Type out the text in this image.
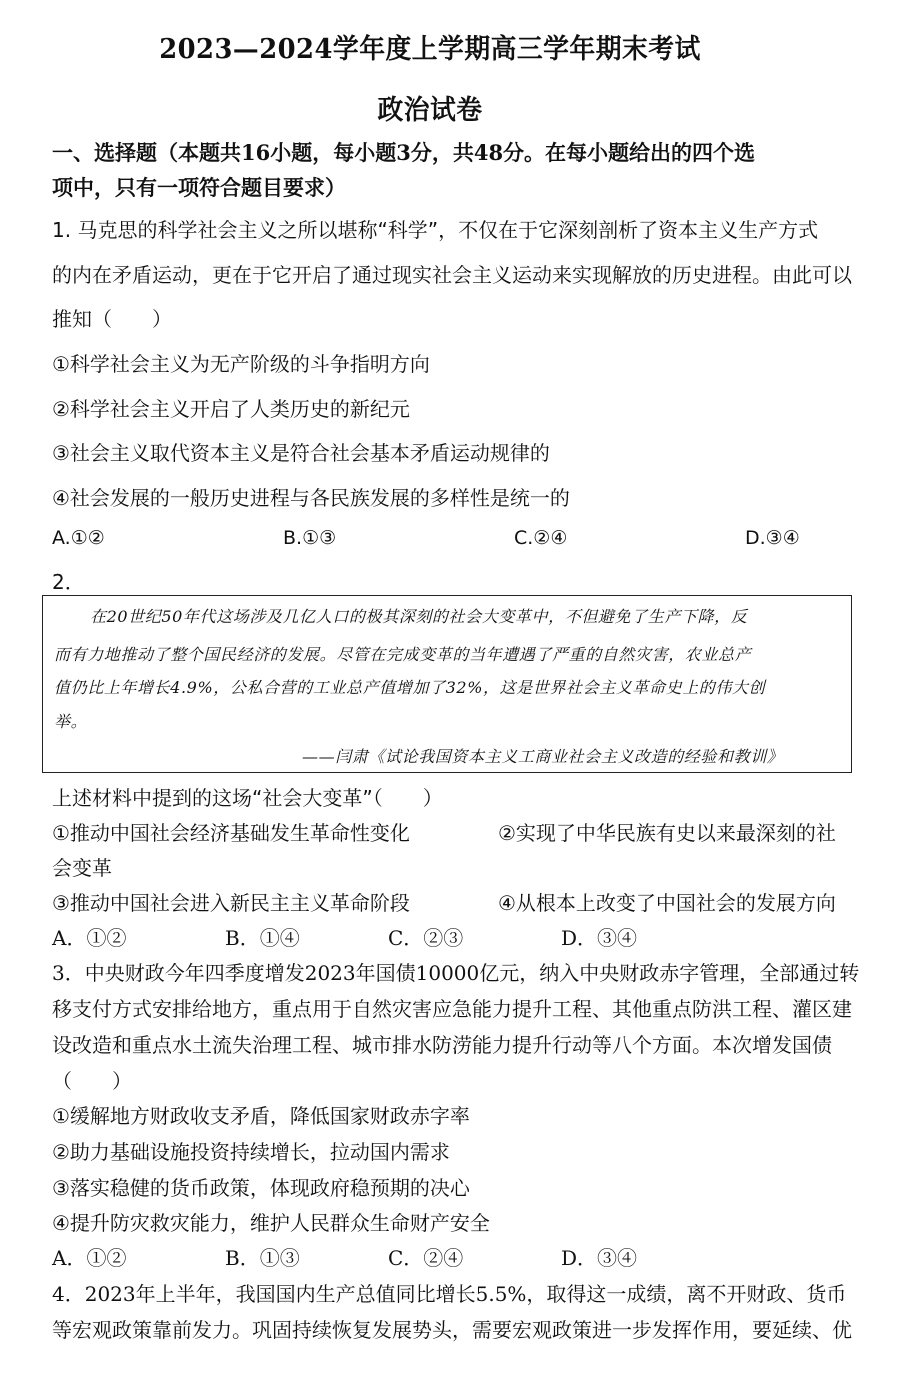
2023—2024学年度上学期高三学年期末考试
政治试卷
一、选择题（本题共16小题，每小题3分，共48分。在每小题给出的四个选
项中，只有一项符合题目要求）
1. 马克思的科学社会主义之所以堪称“科学”，不仅在于它深刻剖析了资本主义生产方式
的内在矛盾运动，更在于它开启了通过现实社会主义运动来实现解放的历史进程。由此可以
推知（　　）
①科学社会主义为无产阶级的斗争指明方向
②科学社会主义开启了人类历史的新纪元
③社会主义取代资本主义是符合社会基本矛盾运动规律的
④社会发展的一般历史进程与各民族发展的多样性是统一的
A.①②	B.①③	C.②④	D.③④
2．
在20世纪50年代这场涉及几亿人口的极其深刻的社会大变革中，不但避免了生产下降，反
而有力地推动了整个国民经济的发展。尽管在完成变革的当年遭遇了严重的自然灾害，农业总产
值仍比上年增长4.9%，公私合营的工业总产值增加了32%，这是世界社会主义革命史上的伟大创
举。
——闫肃《试论我国资本主义工商业社会主义改造的经验和教训》
上述材料中提到的这场“社会大变革”（　　）
①推动中国社会经济基础发生革命性变化	②实现了中华民族有史以来最深刻的社
会变革
③推动中国社会进入新民主主义革命阶段	④从根本上改变了中国社会的发展方向
A．①②	B．①④	C．②③	D．③④
3．中央财政今年四季度增发2023年国债10000亿元，纳入中央财政赤字管理，全部通过转
移支付方式安排给地方，重点用于自然灾害应急能力提升工程、其他重点防洪工程、灌区建
设改造和重点水土流失治理工程、城市排水防涝能力提升行动等八个方面。本次增发国债
（　　）
①缓解地方财政收支矛盾，降低国家财政赤字率
②助力基础设施投资持续增长，拉动国内需求
③落实稳健的货币政策，体现政府稳预期的决心
④提升防灾救灾能力，维护人民群众生命财产安全
A．①②	B．①③	C．②④	D．③④
4．2023年上半年，我国国内生产总值同比增长5.5%，取得这一成绩，离不开财政、货币
等宏观政策靠前发力。巩固持续恢复发展势头，需要宏观政策进一步发挥作用，要延续、优
